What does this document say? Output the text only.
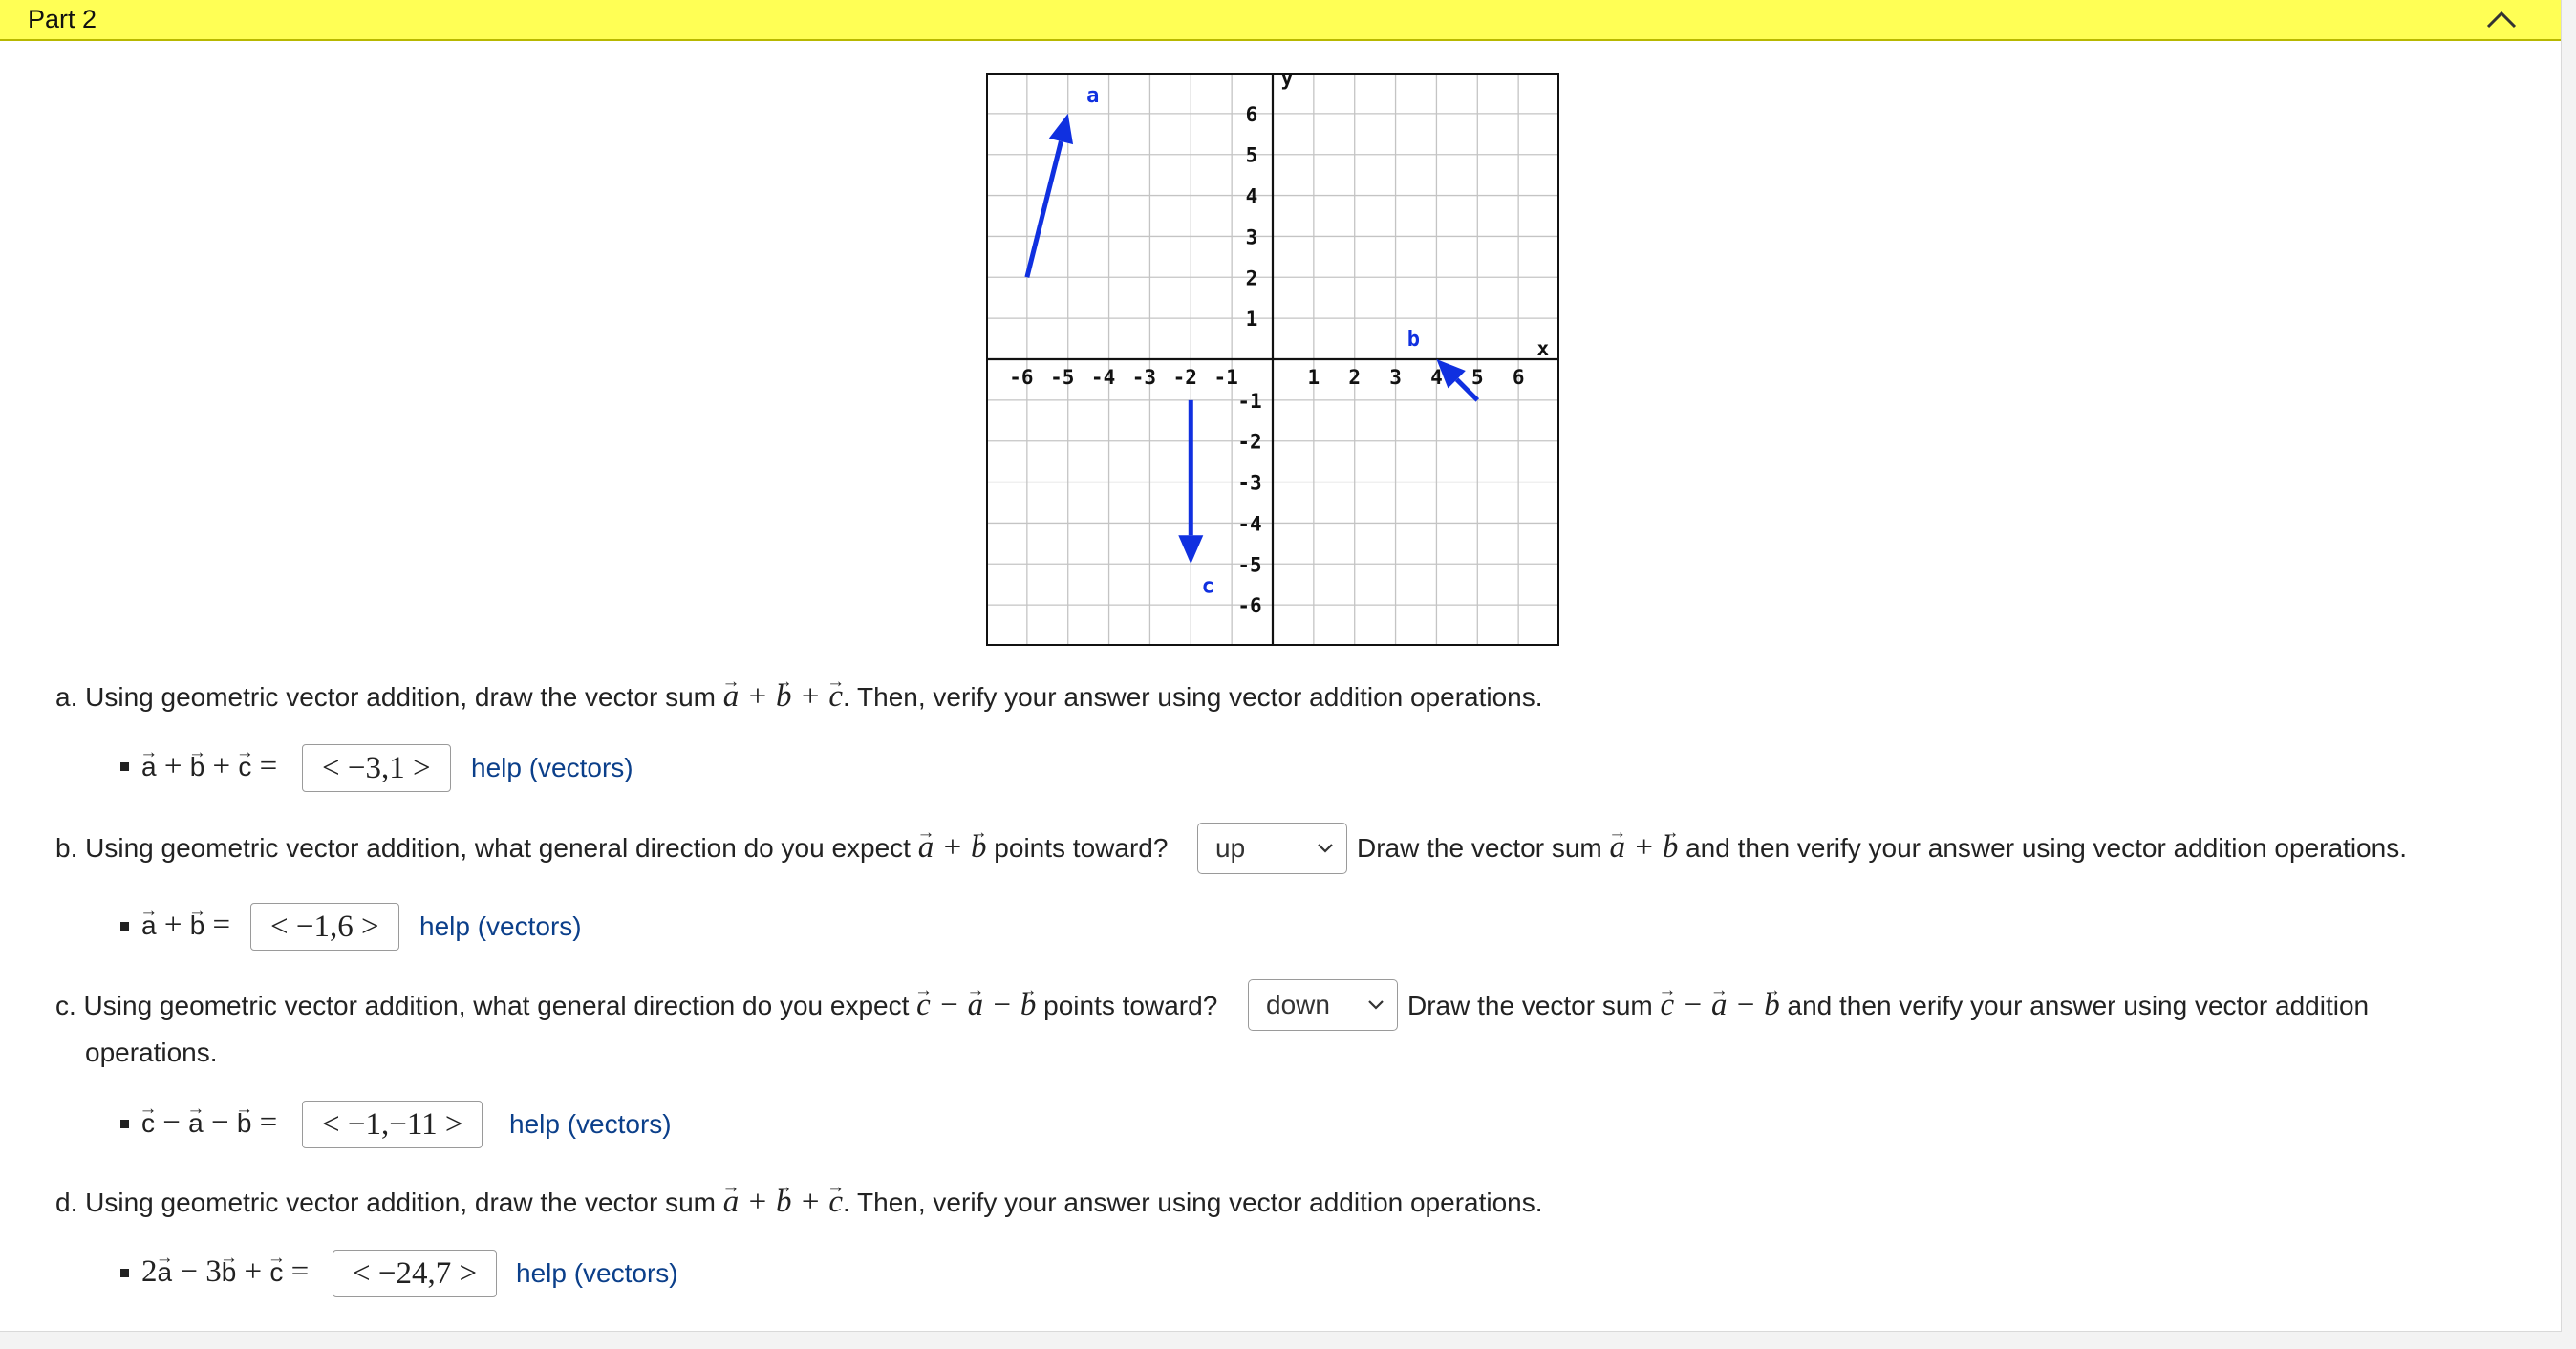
Part 2
-6 -5 -4 -3 -2 -1	1 2 3 4 5 6
6
5
4
3
2
1
-1
-2
-3
-4
-5
-6
x
y
a
b
c
a. Using geometric vector addition, draw the vector sum → a + → b + → c. Then, verify your answer using vector addition operations.
→ a + → b + → c =	< −3,1 >	help (vectors)
b. Using geometric vector addition, what general direction do you expect → a + → b points toward?	up	Draw the vector sum → a + → b and then verify your answer using vector addition operations.
→ a + → b =	< −1,6 >	help (vectors)
c. Using geometric vector addition, what general direction do you expect → c − → a − → b points toward?	down	Draw the vector sum → c − → a − → b and then verify your answer using vector addition
operations.
→ c − → a − → b =	< −1,−11 >	help (vectors)
d. Using geometric vector addition, draw the vector sum → a + → b + → c. Then, verify your answer using vector addition operations.
2→ a − 3→ b + → c =	< −24,7 >	help (vectors)
